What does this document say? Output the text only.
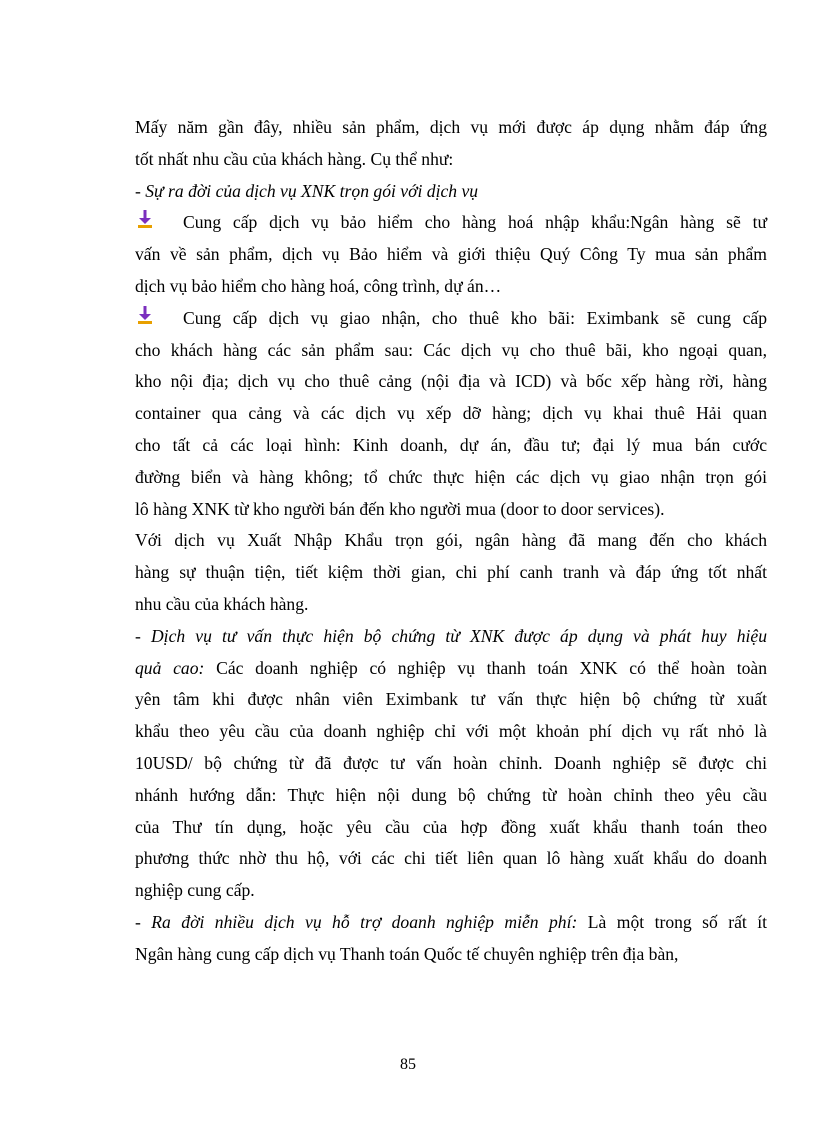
Mấy năm gần đây, nhiều sản phẩm, dịch vụ mới được áp dụng nhằm đáp ứng
tốt nhất nhu cầu của khách hàng. Cụ thể như:
- Sự ra đời của dịch vụ XNK trọn gói với dịch vụ
Cung cấp dịch vụ bảo hiểm cho hàng hoá nhập khẩu:Ngân hàng sẽ tư
vấn về sản phẩm, dịch vụ Bảo hiểm và giới thiệu Quý Công Ty mua sản phẩm
dịch vụ bảo hiểm cho hàng hoá, công trình, dự án…
Cung cấp dịch vụ giao nhận, cho thuê kho bãi: Eximbank sẽ cung cấp
cho khách hàng các sản phẩm sau: Các dịch vụ cho thuê bãi, kho ngoại quan,
kho nội địa; dịch vụ cho thuê cảng (nội địa và ICD) và bốc xếp hàng rời, hàng
container qua cảng và các dịch vụ xếp dỡ hàng; dịch vụ khai thuê Hải quan
cho tất cả các loại hình: Kinh doanh, dự án, đầu tư; đại lý mua bán cước
đường biển và hàng không; tổ chức thực hiện các dịch vụ giao nhận trọn gói
lô hàng XNK từ kho người bán đến kho người mua (door to door services).
Với dịch vụ Xuất Nhập Khẩu trọn gói, ngân hàng đã mang đến cho khách
hàng sự thuận tiện, tiết kiệm thời gian, chi phí canh tranh và đáp ứng tốt nhất
nhu cầu của khách hàng.
- Dịch vụ tư vấn thực hiện bộ chứng từ XNK được áp dụng và phát huy hiệu
quả cao: Các doanh nghiệp có nghiệp vụ thanh toán XNK có thể hoàn toàn
yên tâm khi được nhân viên Eximbank tư vấn thực hiện bộ chứng từ xuất
khẩu theo yêu cầu của doanh nghiệp chỉ với một khoản phí dịch vụ rất nhỏ là
10USD/ bộ chứng từ đã được tư vấn hoàn chỉnh. Doanh nghiệp sẽ được chi
nhánh hướng dẫn: Thực hiện nội dung bộ chứng từ hoàn chỉnh theo yêu cầu
của Thư tín dụng, hoặc yêu cầu của hợp đồng xuất khẩu thanh toán theo
phương thức nhờ thu hộ, với các chi tiết liên quan lô hàng xuất khẩu do doanh
nghiệp cung cấp.
- Ra đời nhiều dịch vụ hỗ trợ doanh nghiệp miễn phí: Là một trong số rất ít
Ngân hàng cung cấp dịch vụ Thanh toán Quốc tế chuyên nghiệp trên địa bàn,
85
